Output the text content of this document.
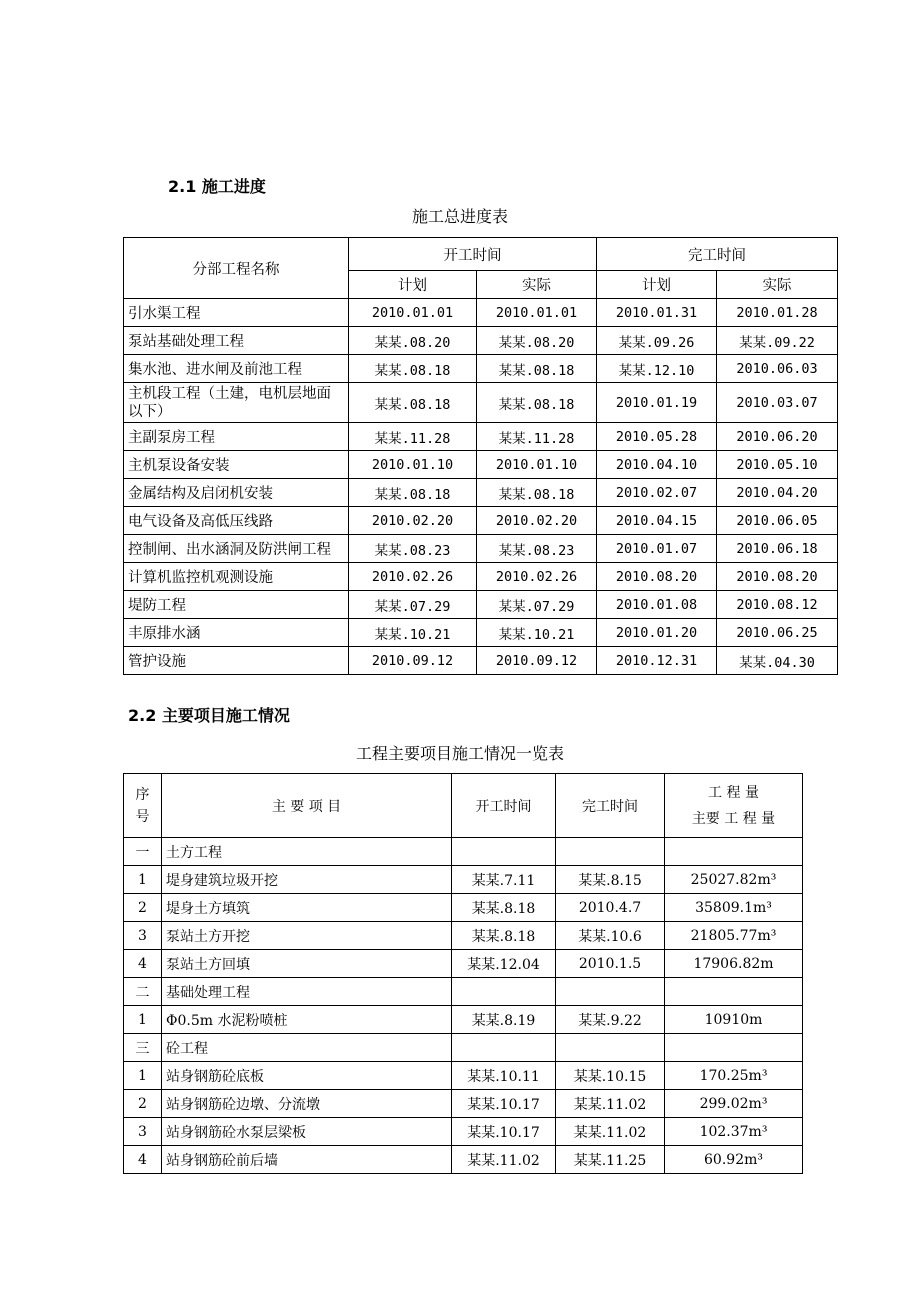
2.1 施工进度
施工总进度表
分部工程名称	开工时间		完工时间	
	计划	实际	计划	实际
引水渠工程	2010.01.01	2010.01.01	2010.01.31	2010.01.28
泵站基础处理工程	某某.08.20	某某.08.20	某某.09.26	某某.09.22
集水池、进水闸及前池工程	某某.08.18	某某.08.18	某某.12.10	2010.06.03
主机段工程（土建，电机层地面以下）	某某.08.18	某某.08.18	2010.01.19	2010.03.07
主副泵房工程	某某.11.28	某某.11.28	2010.05.28	2010.06.20
主机泵设备安装	2010.01.10	2010.01.10	2010.04.10	2010.05.10
金属结构及启闭机安装	某某.08.18	某某.08.18	2010.02.07	2010.04.20
电气设备及高低压线路	2010.02.20	2010.02.20	2010.04.15	2010.06.05
控制闸、出水涵洞及防洪闸工程	某某.08.23	某某.08.23	2010.01.07	2010.06.18
计算机监控机观测设施	2010.02.26	2010.02.26	2010.08.20	2010.08.20
堤防工程	某某.07.29	某某.07.29	2010.01.08	2010.08.12
丰原排水涵	某某.10.21	某某.10.21	2010.01.20	2010.06.25
管护设施	2010.09.12	2010.09.12	2010.12.31	某某.04.30
2.2 主要项目施工情况
工程主要项目施工情况一览表
序号	主 要 项 目	开工时间	完工时间	工 程 量
主要 工 程 量

一	土方工程			
1	堤身建筑垃圾开挖	某某.7.11	某某.8.15	25027.82m³
2	堤身土方填筑	某某.8.18	2010.4.7	35809.1m³
3	泵站土方开挖	某某.8.18	某某.10.6	21805.77m³
4	泵站土方回填	某某.12.04	2010.1.5	17906.82m
二	基础处理工程			
1	Φ0.5m 水泥粉喷桩	某某.8.19	某某.9.22	10910m
三	砼工程			
1	站身钢筋砼底板	某某.10.11	某某.10.15	170.25m³
2	站身钢筋砼边墩、分流墩	某某.10.17	某某.11.02	299.02m³
3	站身钢筋砼水泵层梁板	某某.10.17	某某.11.02	102.37m³
4	站身钢筋砼前后墙	某某.11.02	某某.11.25	60.92m³
